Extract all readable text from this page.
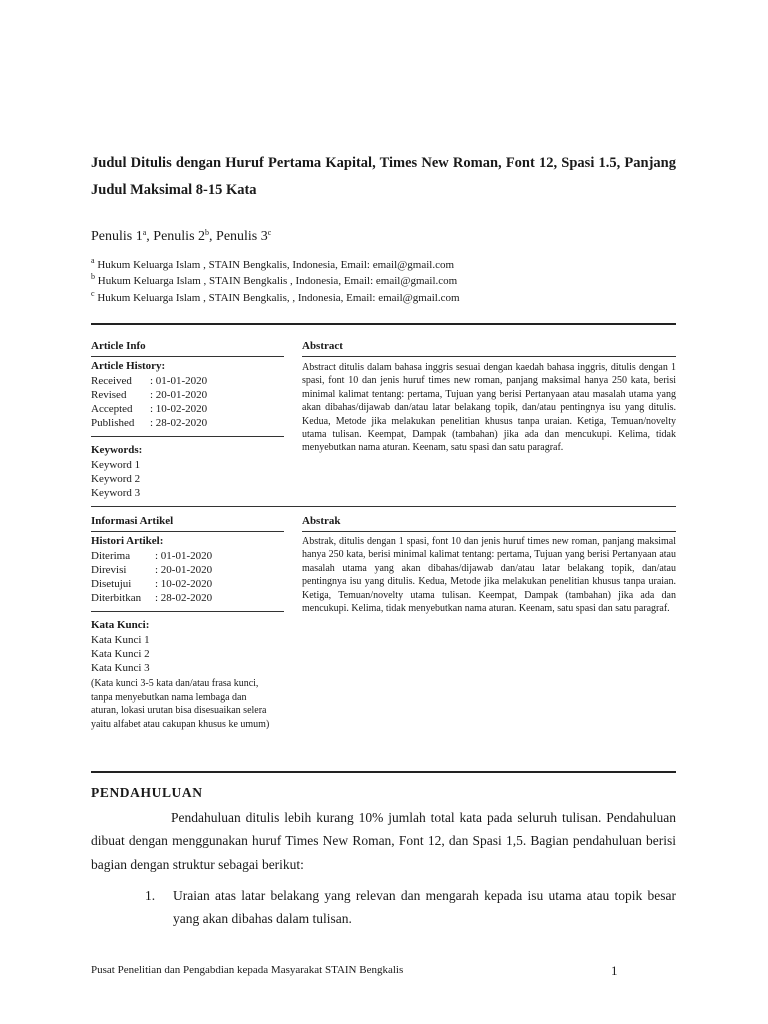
Judul Ditulis dengan Huruf Pertama Kapital, Times New Roman, Font 12, Spasi 1.5, Panjang Judul Maksimal 8-15 Kata
Penulis 1$^a$, Penulis 2$^b$, Penulis 3$^c$
$^a$ Hukum Keluarga Islam , STAIN Bengkalis, Indonesia, Email: email@gmail.com
$^b$ Hukum Keluarga Islam , STAIN Bengkalis , Indonesia, Email: email@gmail.com
$^c$ Hukum Keluarga Islam , STAIN Bengkalis, , Indonesia, Email: email@gmail.com
Article Info
Article History:
Received	: 01-01-2020
Revised	: 20-01-2020
Accepted	: 10-02-2020
Published	: 28-02-2020
Keywords:
Keyword 1
Keyword 2
Keyword 3
Abstract
Abstract ditulis dalam bahasa inggris sesuai dengan kaedah bahasa inggris, ditulis dengan 1 spasi, font 10 dan jenis huruf times new roman, panjang maksimal hanya 250 kata, berisi minimal kalimat tentang: pertama, Tujuan yang berisi Pertanyaan atau masalah utama yang akan dibahas/dijawab dan/atau latar belakang topik, dan/atau pentingnya isu yang ditulis. Kedua, Metode jika melakukan penelitian khusus tanpa uraian. Ketiga, Temuan/novelty utama tulisan. Keempat, Dampak (tambahan) jika ada dan mencukupi. Kelima, tidak menyebutkan nama aturan. Keenam, satu spasi dan satu paragraf.
Informasi Artikel
Histori Artikel:
Diterima	: 01-01-2020
Direvisi	: 20-01-2020
Disetujui	: 10-02-2020
Diterbitkan	: 28-02-2020
Kata Kunci:
Kata Kunci 1
Kata Kunci 2
Kata Kunci 3
(Kata kunci 3-5 kata dan/atau frasa kunci, tanpa menyebutkan nama lembaga dan aturan, lokasi urutan bisa disesuaikan selera yaitu alfabet atau cakupan khusus ke umum)
Abstrak
Abstrak, ditulis dengan 1 spasi, font 10 dan jenis huruf times new roman, panjang maksimal hanya 250 kata, berisi minimal kalimat tentang: pertama, Tujuan yang berisi Pertanyaan atau masalah utama yang akan dibahas/dijawab dan/atau latar belakang topik, dan/atau pentingnya isu yang ditulis. Kedua, Metode jika melakukan penelitian khusus tanpa uraian. Ketiga, Temuan/novelty utama tulisan. Keempat, Dampak (tambahan) jika ada dan mencukupi. Kelima, tidak menyebutkan nama aturan. Keenam, satu spasi dan satu paragraf.
PENDAHULUAN
Pendahuluan ditulis lebih kurang 10% jumlah total kata pada seluruh tulisan. Pendahuluan dibuat dengan menggunakan huruf Times New Roman, Font 12, dan Spasi 1,5. Bagian pendahuluan berisi bagian dengan struktur sebagai berikut:
1.	Uraian atas latar belakang yang relevan dan mengarah kepada isu utama atau topik besar yang akan dibahas dalam tulisan.
Pusat Penelitian dan Pengabdian kepada Masyarakat STAIN Bengkalis	1
